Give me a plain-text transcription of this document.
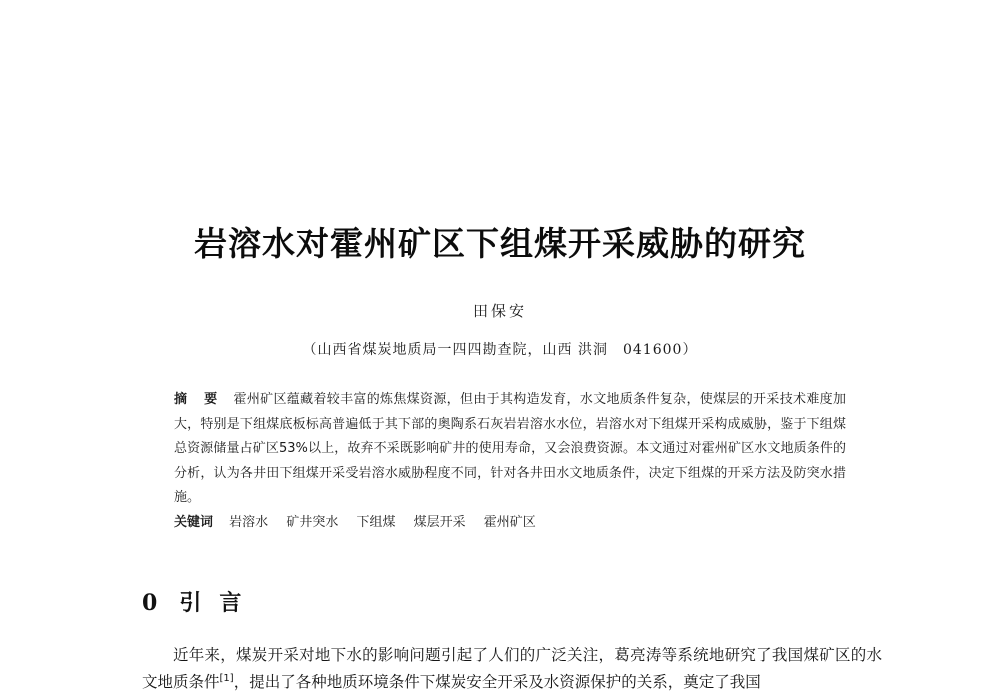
岩溶水对霍州矿区下组煤开采威胁的研究
田保安
（山西省煤炭地质局一四四勘查院，山西 洪洞　041600）
摘 要 霍州矿区蕴藏着较丰富的炼焦煤资源，但由于其构造发育，水文地质条件复杂，使煤层的开采技术难度加大，特别是下组煤底板标高普遍低于其下部的奥陶系石灰岩岩溶水水位，岩溶水对下组煤开采构成威胁，鉴于下组煤总资源储量占矿区53%以上，故弃不采既影响矿井的使用寿命，又会浪费资源。本文通过对霍州矿区水文地质条件的分析，认为各井田下组煤开采受岩溶水威胁程度不同，针对各井田水文地质条件，决定下组煤的开采方法及防突水措施。
关键词 岩溶水 矿井突水 下组煤 煤层开采 霍州矿区
0 引言
近年来，煤炭开采对地下水的影响问题引起了人们的广泛关注，葛亮涛等系统地研究了我国煤矿区的水文地质条件[1]，提出了各种地质环境条件下煤炭安全开采及水资源保护的关系，奠定了我国
